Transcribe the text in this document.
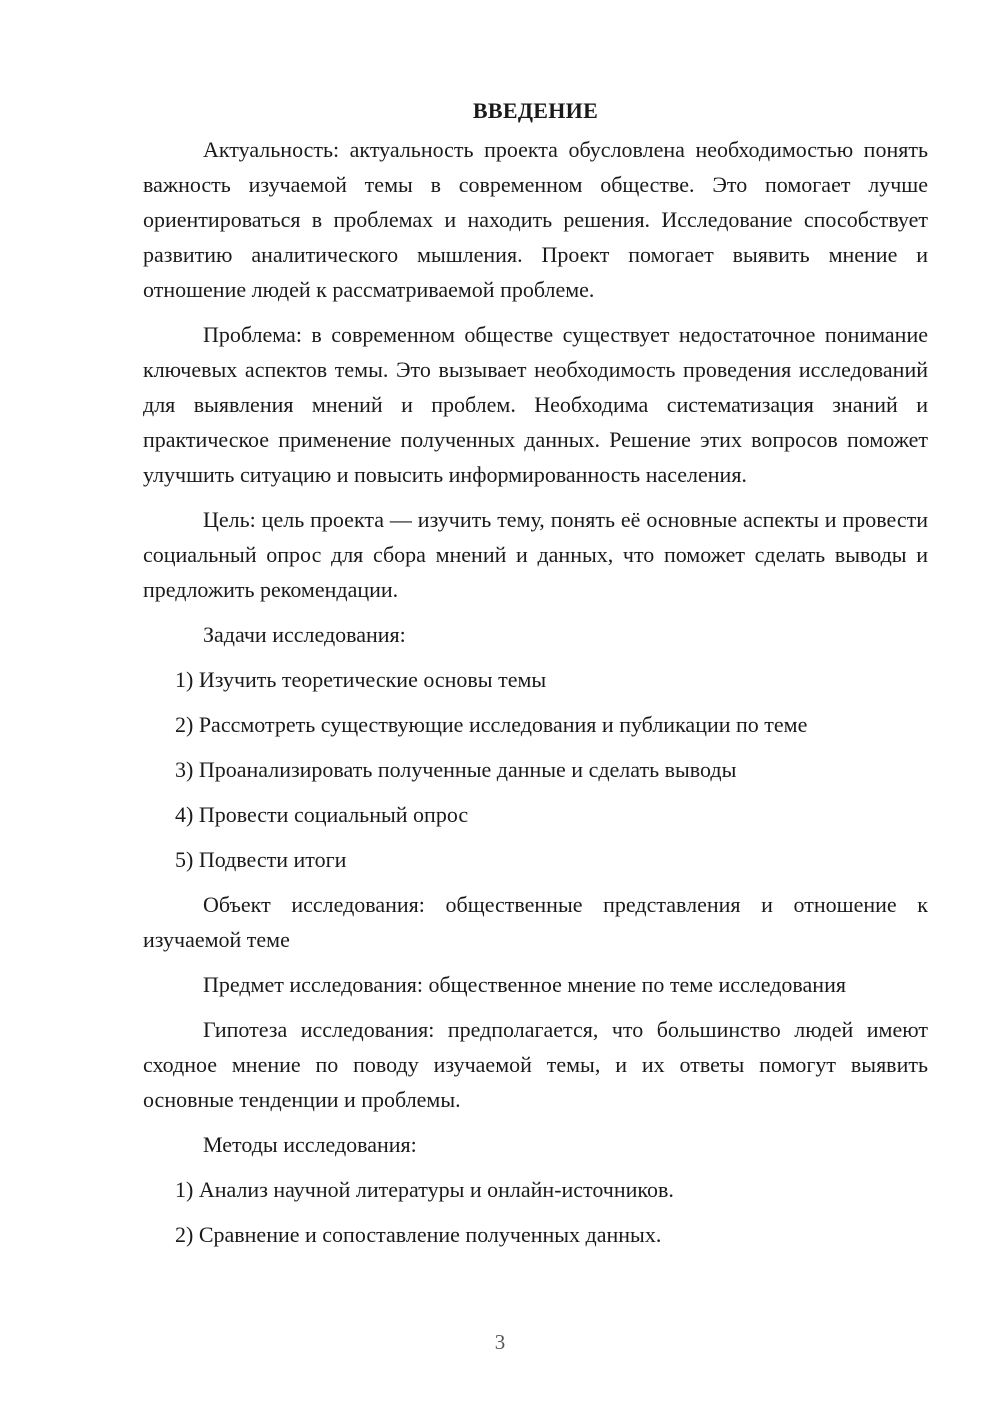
ВВЕДЕНИЕ

Актуальность: актуальность проекта обусловлена необходимостью понять важность изучаемой темы в современном обществе. Это помогает лучше ориентироваться в проблемах и находить решения. Исследование способствует развитию аналитического мышления. Проект помогает выявить мнение и отношение людей к рассматриваемой проблеме.

Проблема: в современном обществе существует недостаточное понимание ключевых аспектов темы. Это вызывает необходимость проведения исследований для выявления мнений и проблем. Необходима систематизация знаний и практическое применение полученных данных. Решение этих вопросов поможет улучшить ситуацию и повысить информированность населения.

Цель: цель проекта — изучить тему, понять её основные аспекты и провести социальный опрос для сбора мнений и данных, что поможет сделать выводы и предложить рекомендации.

Задачи исследования:

1) Изучить теоретические основы темы
2) Рассмотреть существующие исследования и публикации по теме
3) Проанализировать полученные данные и сделать выводы
4) Провести социальный опрос
5) Подвести итоги

Объект исследования: общественные представления и отношение к изучаемой теме

Предмет исследования: общественное мнение по теме исследования

Гипотеза исследования: предполагается, что большинство людей имеют сходное мнение по поводу изучаемой темы, и их ответы помогут выявить основные тенденции и проблемы.

Методы исследования:

1) Анализ научной литературы и онлайн-источников.
2) Сравнение и сопоставление полученных данных.
3
